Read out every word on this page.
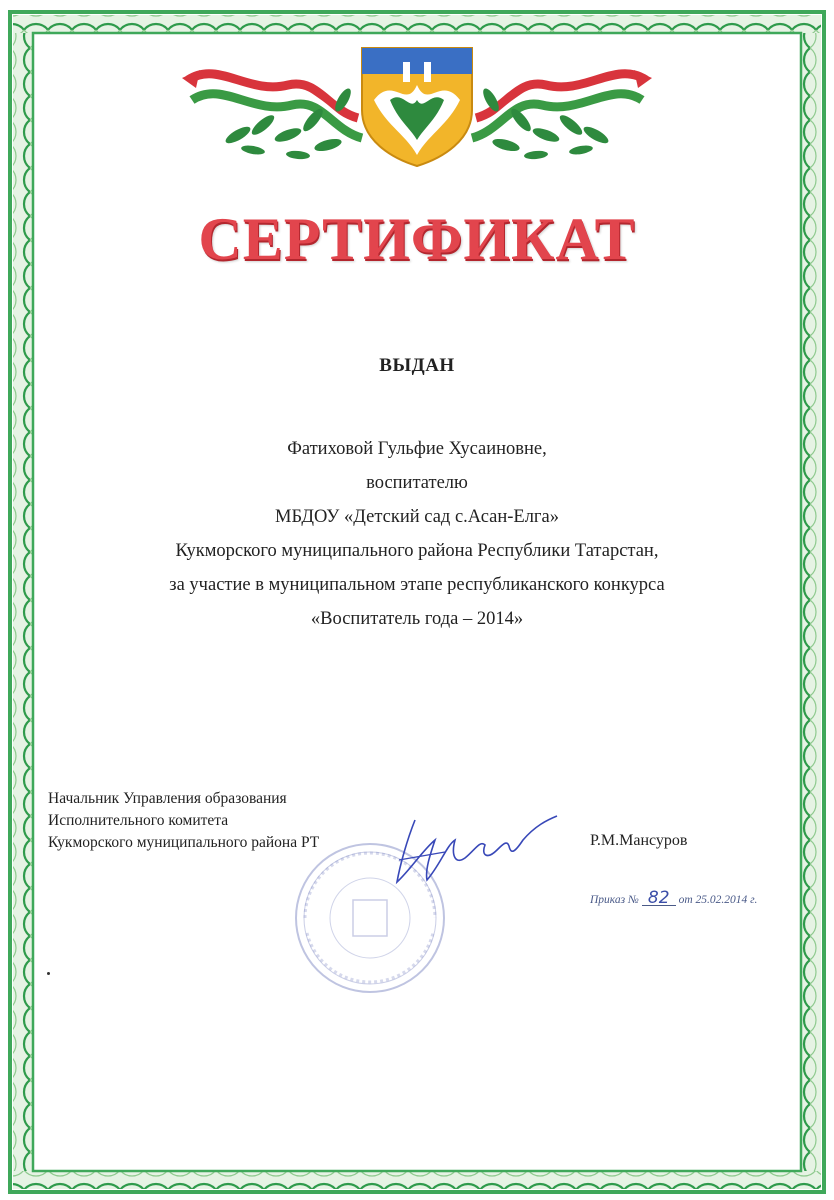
СЕРТИФИКАТ
ВЫДАН
Фатиховой Гульфие Хусаиновне,
воспитателю
МБДОУ «Детский сад с.Асан-Елга»
Кукморского муниципального района Республики Татарстан,
за участие в муниципальном этапе республиканского конкурса
«Воспитатель года – 2014»
Начальник Управления образования
Исполнительного комитета
Кукморского муниципального района РТ	Р.М.Мансуров
Приказ № 82 от 25.02.2014 г.
